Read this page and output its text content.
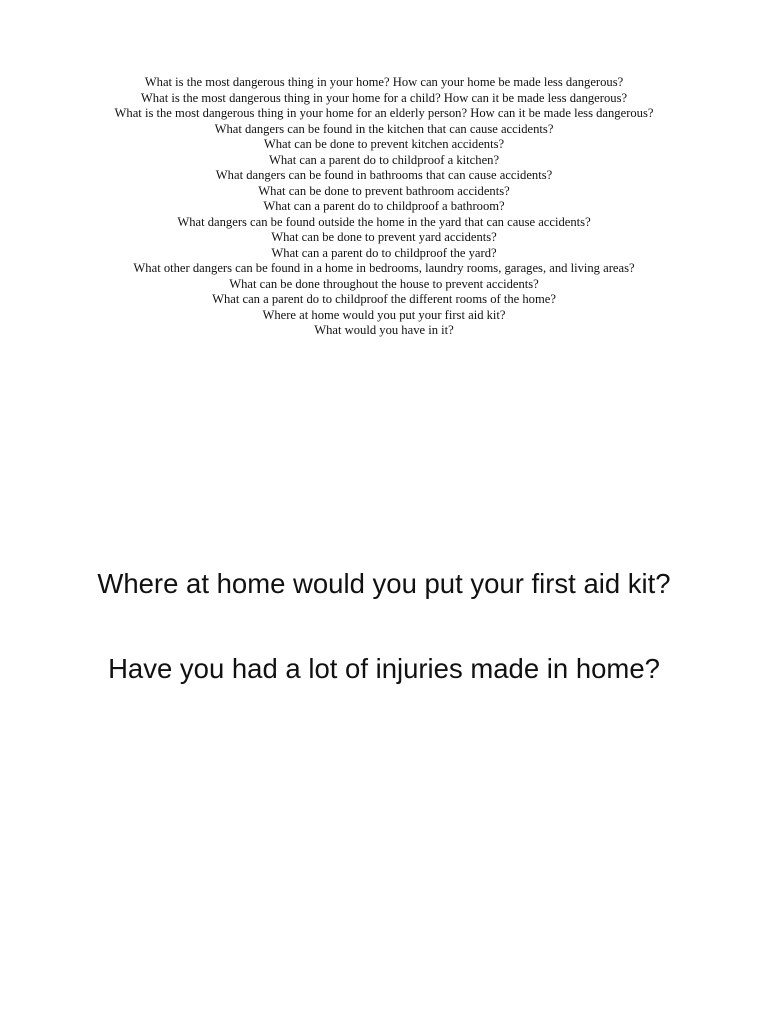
What is the most dangerous thing in your home? How can your home be made less dangerous?
What is the most dangerous thing in your home for a child? How can it be made less dangerous?
What is the most dangerous thing in your home for an elderly person? How can it be made less dangerous?
What dangers can be found in the kitchen that can cause accidents?
What can be done to prevent kitchen accidents?
What can a parent do to childproof a kitchen?
What dangers can be found in bathrooms that can cause accidents?
What can be done to prevent bathroom accidents?
What can a parent do to childproof a bathroom?
What dangers can be found outside the home in the yard that can cause accidents?
What can be done to prevent yard accidents?
What can a parent do to childproof the yard?
What other dangers can be found in a home in bedrooms, laundry rooms, garages, and living areas?
What can be done throughout the house to prevent accidents?
What can a parent do to childproof the different rooms of the home?
Where at home would you put your first aid kit?
What would you have in it?

Where at home would you put your first aid kit?

Have you had a lot of injuries made in home?
